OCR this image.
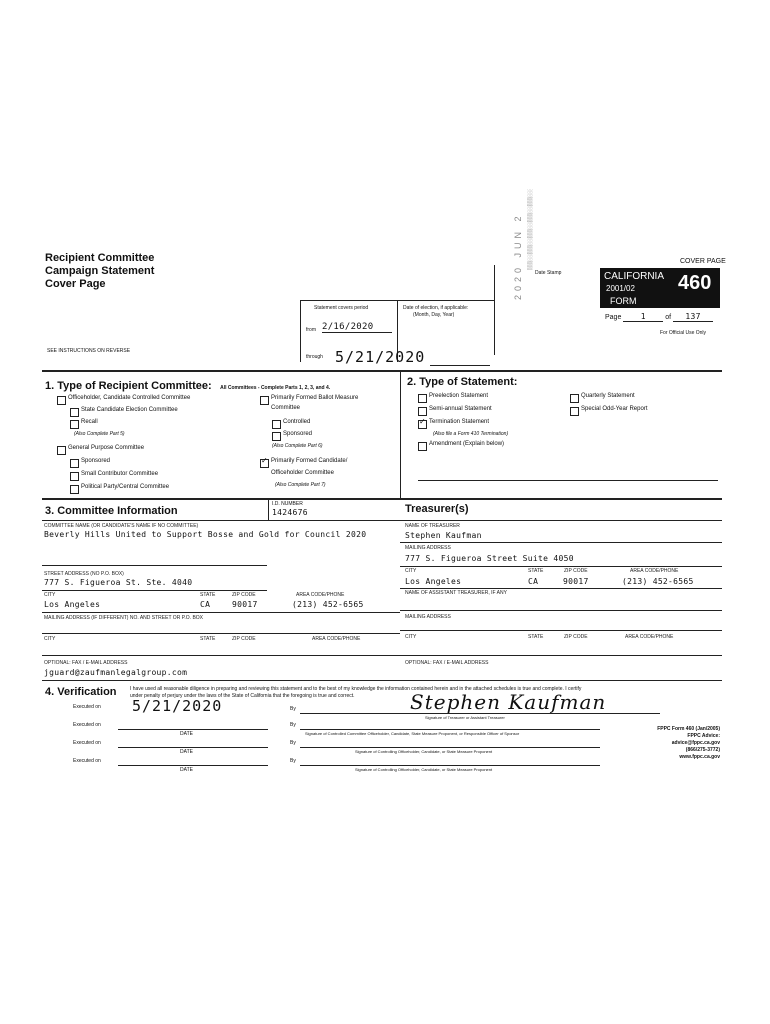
2020 JUN 2
░
▒
░
▒
░
▒
░
▒
░
▒
Date Stamp
Recipient Committee
Campaign Statement
Cover Page
COVER PAGE
CALIFORNIA
2001/02
FORM
460
Page 1	of 137
For Official Use Only
Statement covers period
from 2/16/2020
through 5/21/2020
Date of election, if applicable:
(Month, Day, Year)
SEE INSTRUCTIONS ON REVERSE
1. Type of Recipient Committee: All Committees - Complete Parts 1, 2, 3, and 4.
Officeholder, Candidate Controlled Committee
State Candidate Election Committee
Recall
(Also Complete Part 5)
General Purpose Committee
Sponsored
Small Contributor Committee
Political Party/Central Committee
Primarily Formed Ballot Measure
Committee
Controlled
Sponsored
(Also Complete Part 6)
✓ Primarily Formed Candidate/
Officeholder Committee
(Also Complete Part 7)
2. Type of Statement:
Preelection Statement
Semi-annual Statement
✓ Termination Statement
(Also file a Form 410 Termination)
Amendment (Explain below)
Quarterly Statement
Special Odd-Year Report
3. Committee Information
I.D. NUMBER
1424676
COMMITTEE NAME (OR CANDIDATE'S NAME IF NO COMMITTEE)
Beverly Hills United to Support Bosse and Gold for Council 2020
STREET ADDRESS (NO P.O. BOX)
777 S. Figueroa St. Ste. 4040
CITY	STATE	ZIP CODE	AREA CODE/PHONE
Los Angeles	CA	90017	(213) 452-6565
MAILING ADDRESS (IF DIFFERENT) NO. AND STREET OR P.O. BOX
CITY	STATE	ZIP CODE	AREA CODE/PHONE
OPTIONAL: FAX / E-MAIL ADDRESS
jguard@zaufmanlegalgroup.com
Treasurer(s)
NAME OF TREASURER
Stephen Kaufman
MAILING ADDRESS
777 S. Figueroa Street Suite 4050
CITY	STATE	ZIP CODE	AREA CODE/PHONE
Los Angeles	CA	90017	(213) 452-6565
NAME OF ASSISTANT TREASURER, IF ANY
MAILING ADDRESS
CITY	STATE	ZIP CODE	AREA CODE/PHONE
OPTIONAL: FAX / E-MAIL ADDRESS
4. Verification	I have used all reasonable diligence in preparing and reviewing this statement and to the best of my knowledge the information contained herein and in the attached schedules is true and complete. I certify
under penalty of perjury under the laws of the State of California that the foregoing is true and correct.
Executed on 5/21/2020	By	Stephen Kaufman
Signature of Treasurer or Assistant Treasurer
Executed on
DATE
By
Signature of Controlled Committee Officeholder, Candidate, State Measure Proponent, or Responsible Officer of Sponsor
Executed on
DATE
By
Signature of Controlling Officeholder, Candidate, or State Measure Proponent
Executed on
DATE
By
Signature of Controlling Officeholder, Candidate, or State Measure Proponent
FPPC Form 460 (Jan/2005)
FPPC Advice:
advice@fppc.ca.gov
(866/275-3772)
www.fppc.ca.gov
